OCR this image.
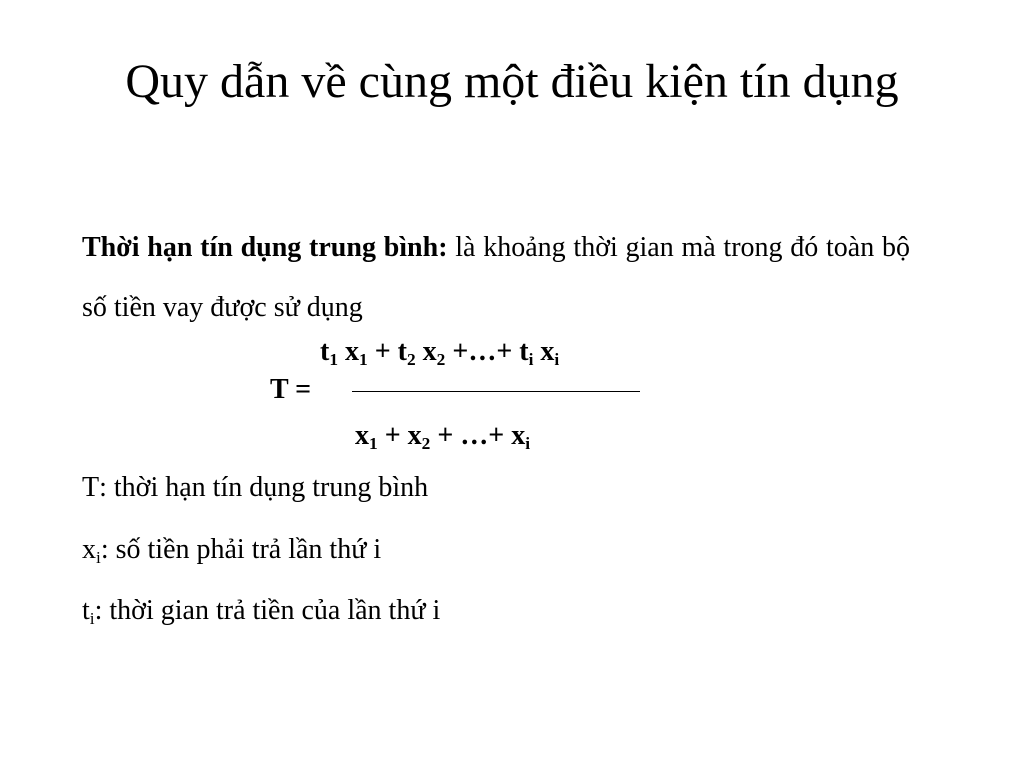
Quy dẫn về cùng một điều kiện tín dụng

Thời hạn tín dụng trung bình: là khoảng thời gian mà trong đó toàn bộ số tiền vay được sử dụng

T =
$t_1$ $x_1 + t_2$ $x_2$ +…+ $t_i$ $x_i$
$x_1 + x_2$ + …+ $x_i$

T: thời hạn tín dụng trung bình

$x_i$: số tiền phải trả lần thứ i

$t_i$: thời gian trả tiền của lần thứ i
